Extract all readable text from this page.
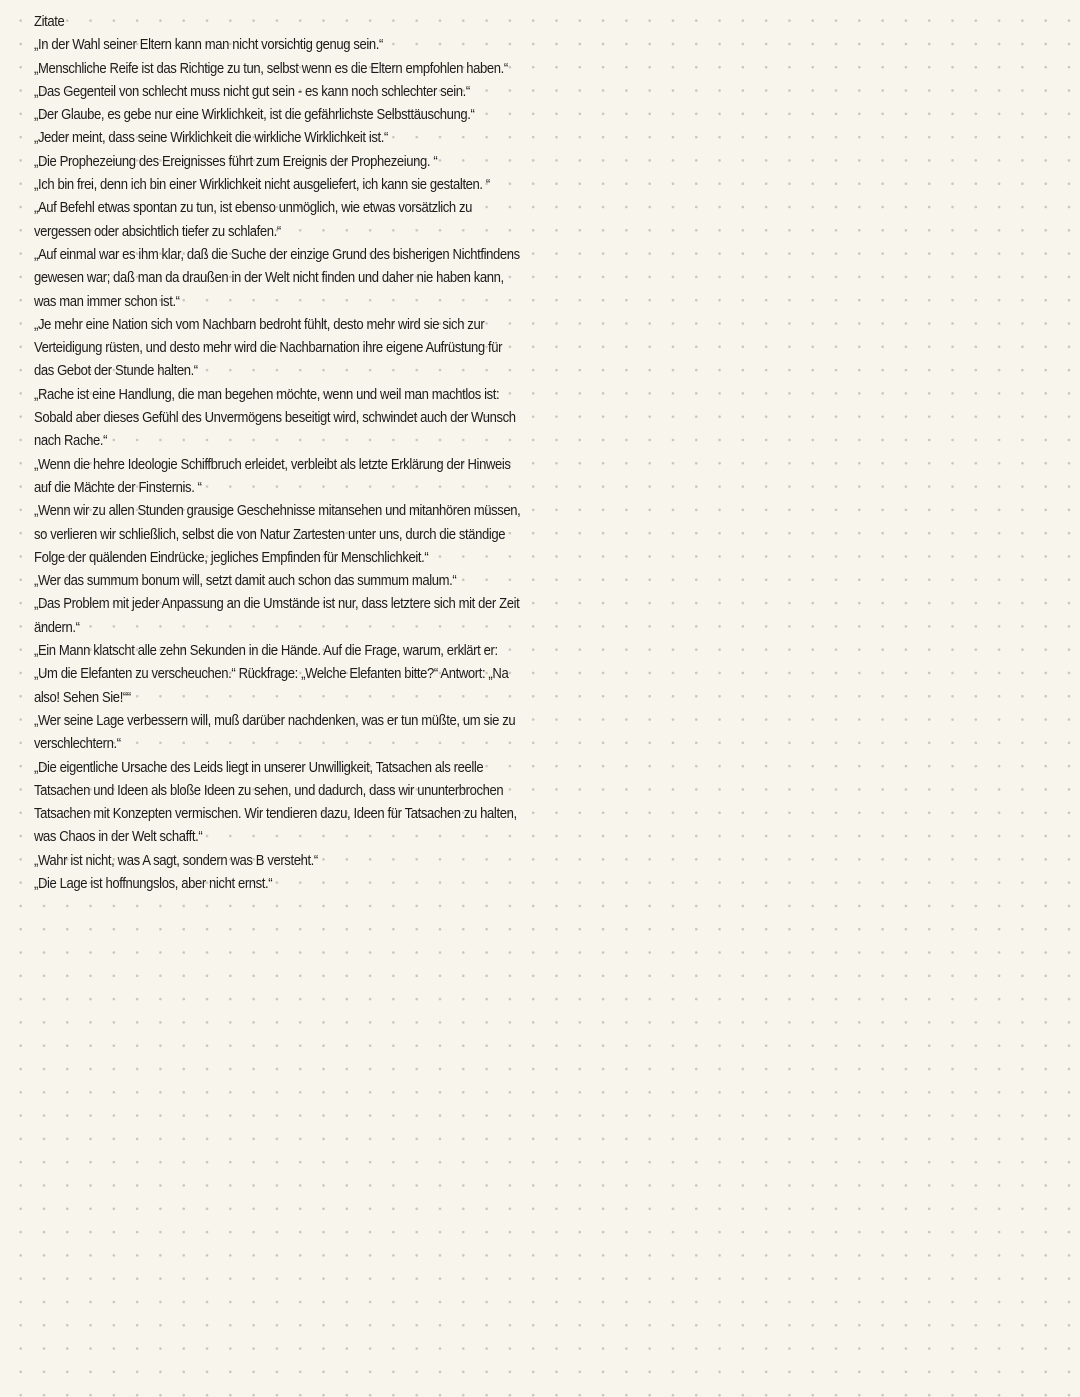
Zitate
„In der Wahl seiner Eltern kann man nicht vorsichtig genug sein.“
„Menschliche Reife ist das Richtige zu tun, selbst wenn es die Eltern empfohlen haben.“
„Das Gegenteil von schlecht muss nicht gut sein - es kann noch schlechter sein.“
„Der Glaube, es gebe nur eine Wirklichkeit, ist die gefährlichste Selbsttäuschung.“
„Jeder meint, dass seine Wirklichkeit die wirkliche Wirklichkeit ist.“
„Die Prophezeiung des Ereignisses führt zum Ereignis der Prophezeiung. “
„Ich bin frei, denn ich bin einer Wirklichkeit nicht ausgeliefert, ich kann sie gestalten. “
„Auf Befehl etwas spontan zu tun, ist ebenso unmöglich, wie etwas vorsätzlich zu vergessen oder absichtlich tiefer zu schlafen.“
„Auf einmal war es ihm klar, daß die Suche der einzige Grund des bisherigen Nichtfindens gewesen war; daß man da draußen in der Welt nicht finden und daher nie haben kann, was man immer schon ist.“
„Je mehr eine Nation sich vom Nachbarn bedroht fühlt, desto mehr wird sie sich zur Verteidigung rüsten, und desto mehr wird die Nachbarnation ihre eigene Aufrüstung für das Gebot der Stunde halten.“
„Rache ist eine Handlung, die man begehen möchte, wenn und weil man machtlos ist: Sobald aber dieses Gefühl des Unvermögens beseitigt wird, schwindet auch der Wunsch nach Rache.“
„Wenn die hehre Ideologie Schiffbruch erleidet, verbleibt als letzte Erklärung der Hinweis auf die Mächte der Finsternis. “
„Wenn wir zu allen Stunden grausige Geschehnisse mitansehen und mitanhören müssen, so verlieren wir schließlich, selbst die von Natur Zartesten unter uns, durch die ständige Folge der quälenden Eindrücke, jegliches Empfinden für Menschlichkeit.“
„Wer das summum bonum will, setzt damit auch schon das summum malum.“
„Das Problem mit jeder Anpassung an die Umstände ist nur, dass letztere sich mit der Zeit ändern.“
„Ein Mann klatscht alle zehn Sekunden in die Hände. Auf die Frage, warum, erklärt er: „Um die Elefanten zu verscheuchen.“ Rückfrage: „Welche Elefanten bitte?“ Antwort: „Na also! Sehen Sie!““
„Wer seine Lage verbessern will, muß darüber nachdenken, was er tun müßte, um sie zu verschlechtern.“
„Die eigentliche Ursache des Leids liegt in unserer Unwilligkeit, Tatsachen als reelle Tatsachen und Ideen als bloße Ideen zu sehen, und dadurch, dass wir ununterbrochen Tatsachen mit Konzepten vermischen. Wir tendieren dazu, Ideen für Tatsachen zu halten, was Chaos in der Welt schafft.“
„Wahr ist nicht, was A sagt, sondern was B versteht.“
„Die Lage ist hoffnungslos, aber nicht ernst.“
